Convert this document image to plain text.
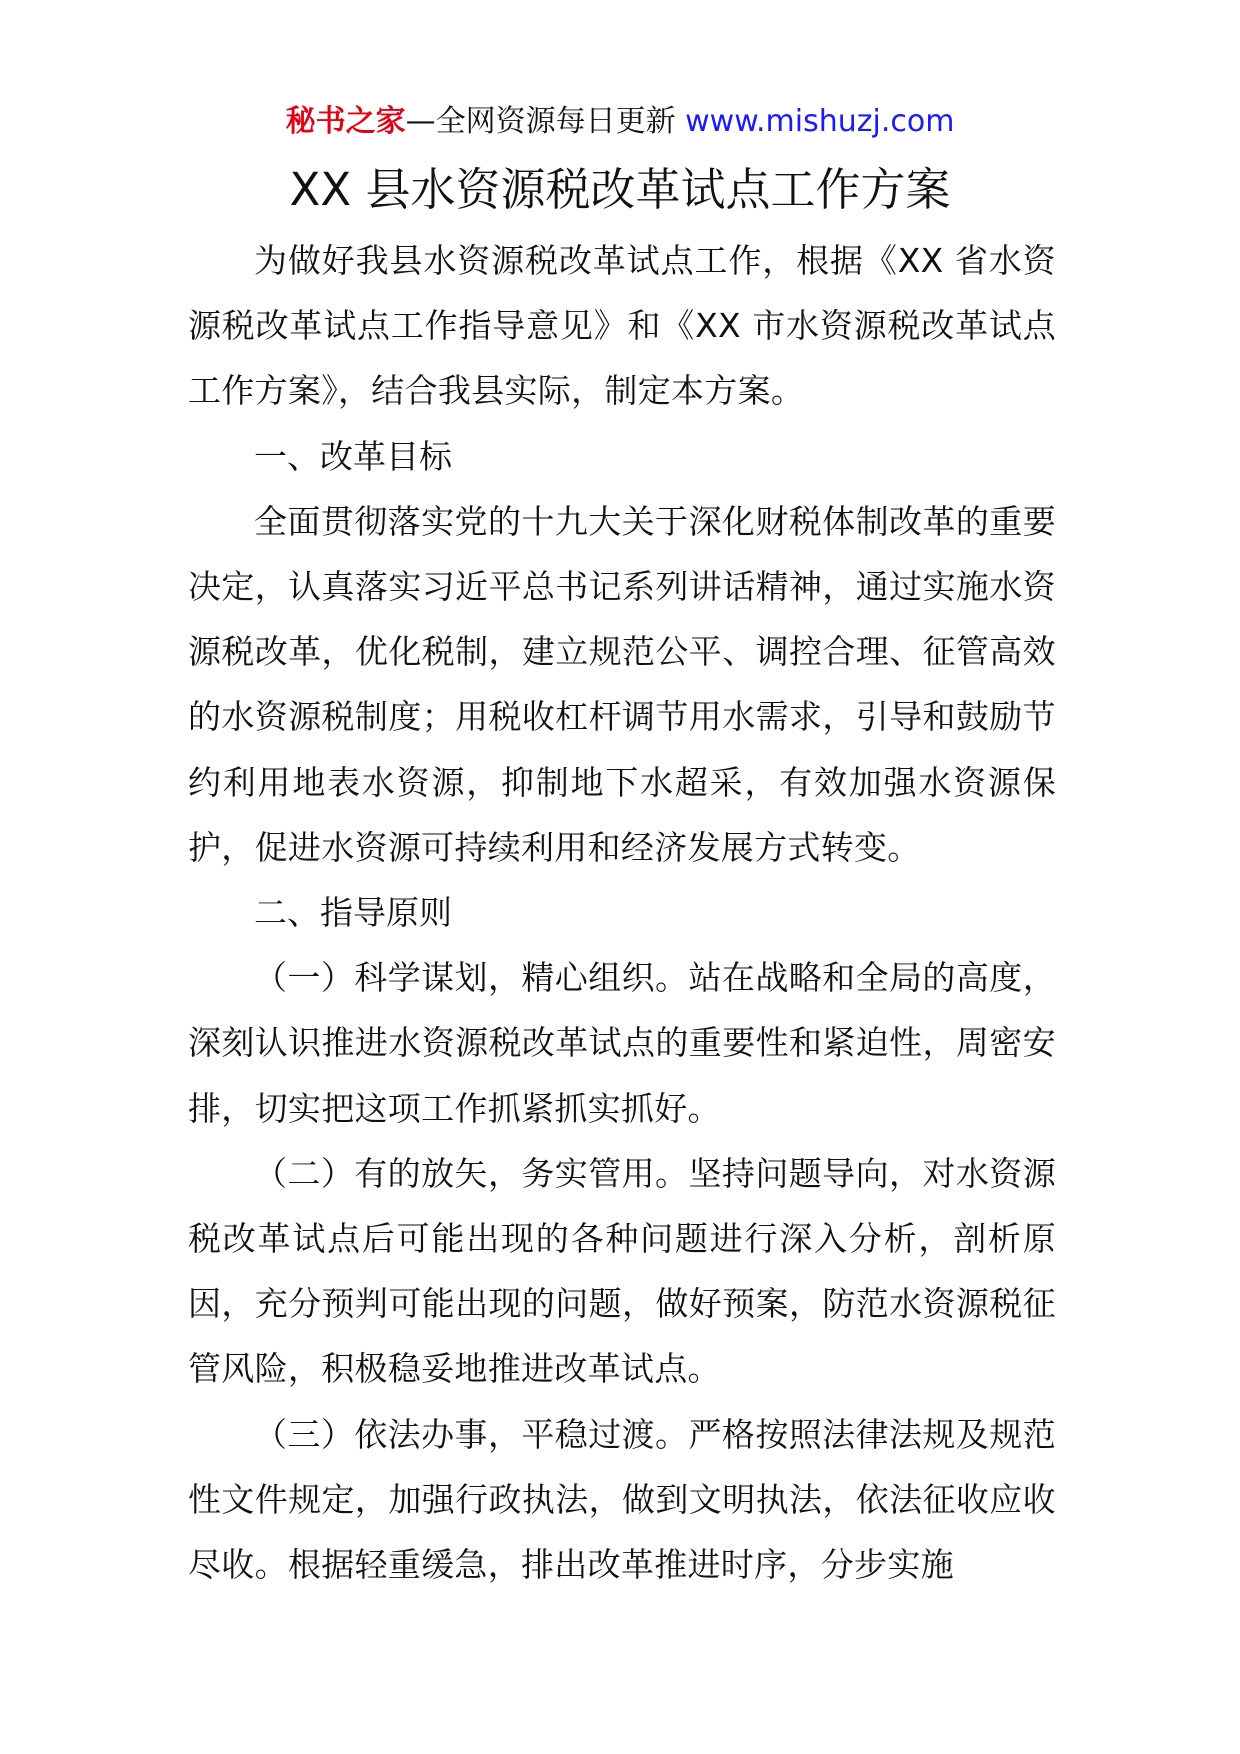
秘书之家—全网资源每日更新 www.mishuzj.com
XX 县水资源税改革试点工作方案

为做好我县水资源税改革试点工作，根据《XX 省水资源税改革试点工作指导意见》和《XX 市水资源税改革试点工作方案》，结合我县实际，制定本方案。

一、改革目标

全面贯彻落实党的十九大关于深化财税体制改革的重要决定，认真落实习近平总书记系列讲话精神，通过实施水资源税改革，优化税制，建立规范公平、调控合理、征管高效的水资源税制度；用税收杠杆调节用水需求，引导和鼓励节约利用地表水资源，抑制地下水超采，有效加强水资源保护，促进水资源可持续利用和经济发展方式转变。

二、指导原则

（一）科学谋划，精心组织。站在战略和全局的高度，深刻认识推进水资源税改革试点的重要性和紧迫性，周密安排，切实把这项工作抓紧抓实抓好。

（二）有的放矢，务实管用。坚持问题导向，对水资源税改革试点后可能出现的各种问题进行深入分析，剖析原因，充分预判可能出现的问题，做好预案，防范水资源税征管风险，积极稳妥地推进改革试点。

（三）依法办事，平稳过渡。严格按照法律法规及规范性文件规定，加强行政执法，做到文明执法，依法征收应收尽收。根据轻重缓急，排出改革推进时序，分步实施
